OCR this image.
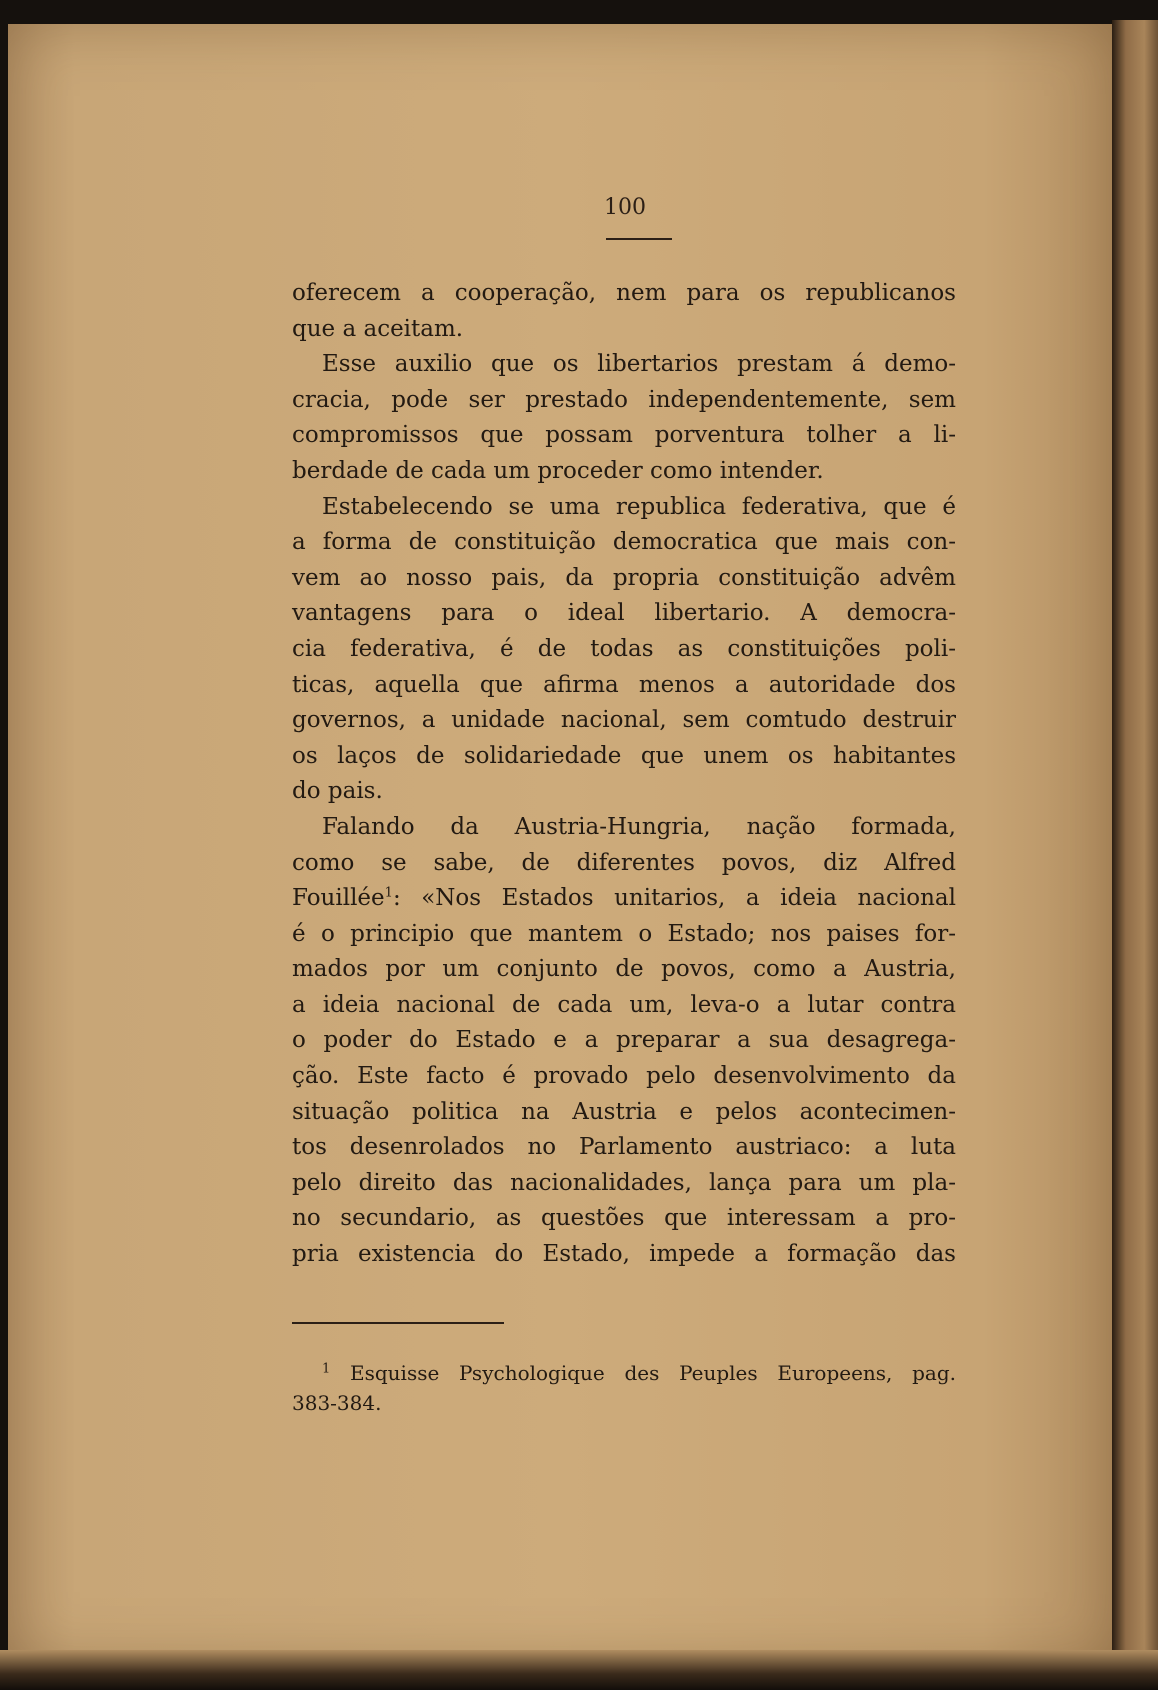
100
oferecem a cooperação, nem para os republicanos
que a aceitam.
Esse auxilio que os libertarios prestam á demo-
cracia, pode ser prestado independentemente, sem
compromissos que possam porventura tolher a li-
berdade de cada um proceder como intender.
Estabelecendo se uma republica federativa, que é
a forma de constituição democratica que mais con-
vem ao nosso pais, da propria constituição advêm
vantagens para o ideal libertario. A democra-
cia federativa, é de todas as constituições poli-
ticas, aquella que afirma menos a autoridade dos
governos, a unidade nacional, sem comtudo destruir
os laços de solidariedade que unem os habitantes
do pais.
Falando da Austria-Hungria, nação formada,
como se sabe, de diferentes povos, diz Alfred
Fouillée$^1$: «Nos Estados unitarios, a ideia nacional
é o principio que mantem o Estado; nos paises for-
mados por um conjunto de povos, como a Austria,
a ideia nacional de cada um, leva-o a lutar contra
o poder do Estado e a preparar a sua desagrega-
ção. Este facto é provado pelo desenvolvimento da
situação politica na Austria e pelos acontecimen-
tos desenrolados no Parlamento austriaco: a luta
pelo direito das nacionalidades, lança para um pla-
no secundario, as questões que interessam a pro-
pria existencia do Estado, impede a formação das
$^1$ Esquisse Psychologique des Peuples Europeens, pag.
383-384.
